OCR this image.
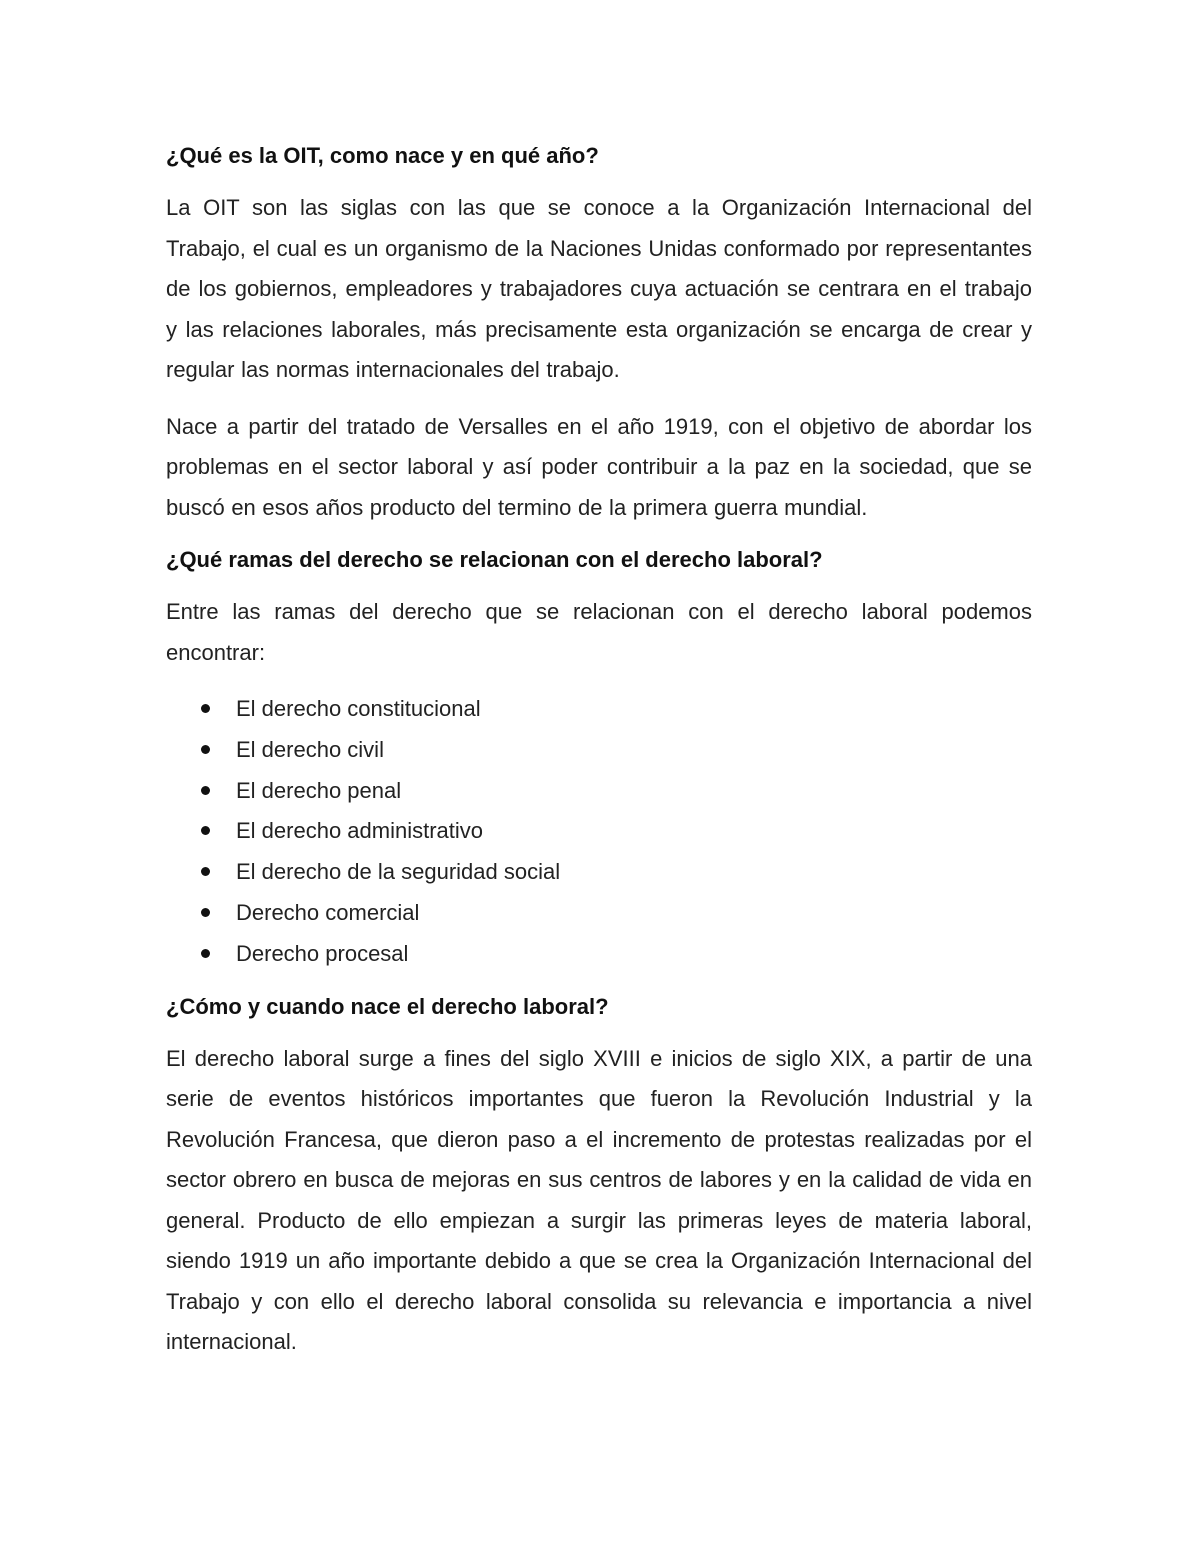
¿Qué es la OIT, como nace y en qué año?

La OIT son las siglas con las que se conoce a la Organización Internacional del Trabajo, el cual es un organismo de la Naciones Unidas conformado por representantes de los gobiernos, empleadores y trabajadores cuya actuación se centrara en el trabajo y las relaciones laborales, más precisamente esta organización se encarga de crear y regular las normas internacionales del trabajo.

Nace a partir del tratado de Versalles en el año 1919, con el objetivo de abordar los problemas en el sector laboral y así poder contribuir a la paz en la sociedad, que se buscó en esos años producto del termino de la primera guerra mundial.

¿Qué ramas del derecho se relacionan con el derecho laboral?

Entre las ramas del derecho que se relacionan con el derecho laboral podemos encontrar:

El derecho constitucional
El derecho civil
El derecho penal
El derecho administrativo
El derecho de la seguridad social
Derecho comercial
Derecho procesal
¿Cómo y cuando nace el derecho laboral?

El derecho laboral surge a fines del siglo XVIII e inicios de siglo XIX, a partir de una serie de eventos históricos importantes que fueron la Revolución Industrial y la Revolución Francesa, que dieron paso a el incremento de protestas realizadas por el sector obrero en busca de mejoras en sus centros de labores y en la calidad de vida en general. Producto de ello empiezan a surgir las primeras leyes de materia laboral, siendo 1919 un año importante debido a que se crea la Organización Internacional del Trabajo y con ello el derecho laboral consolida su relevancia e importancia a nivel internacional.
